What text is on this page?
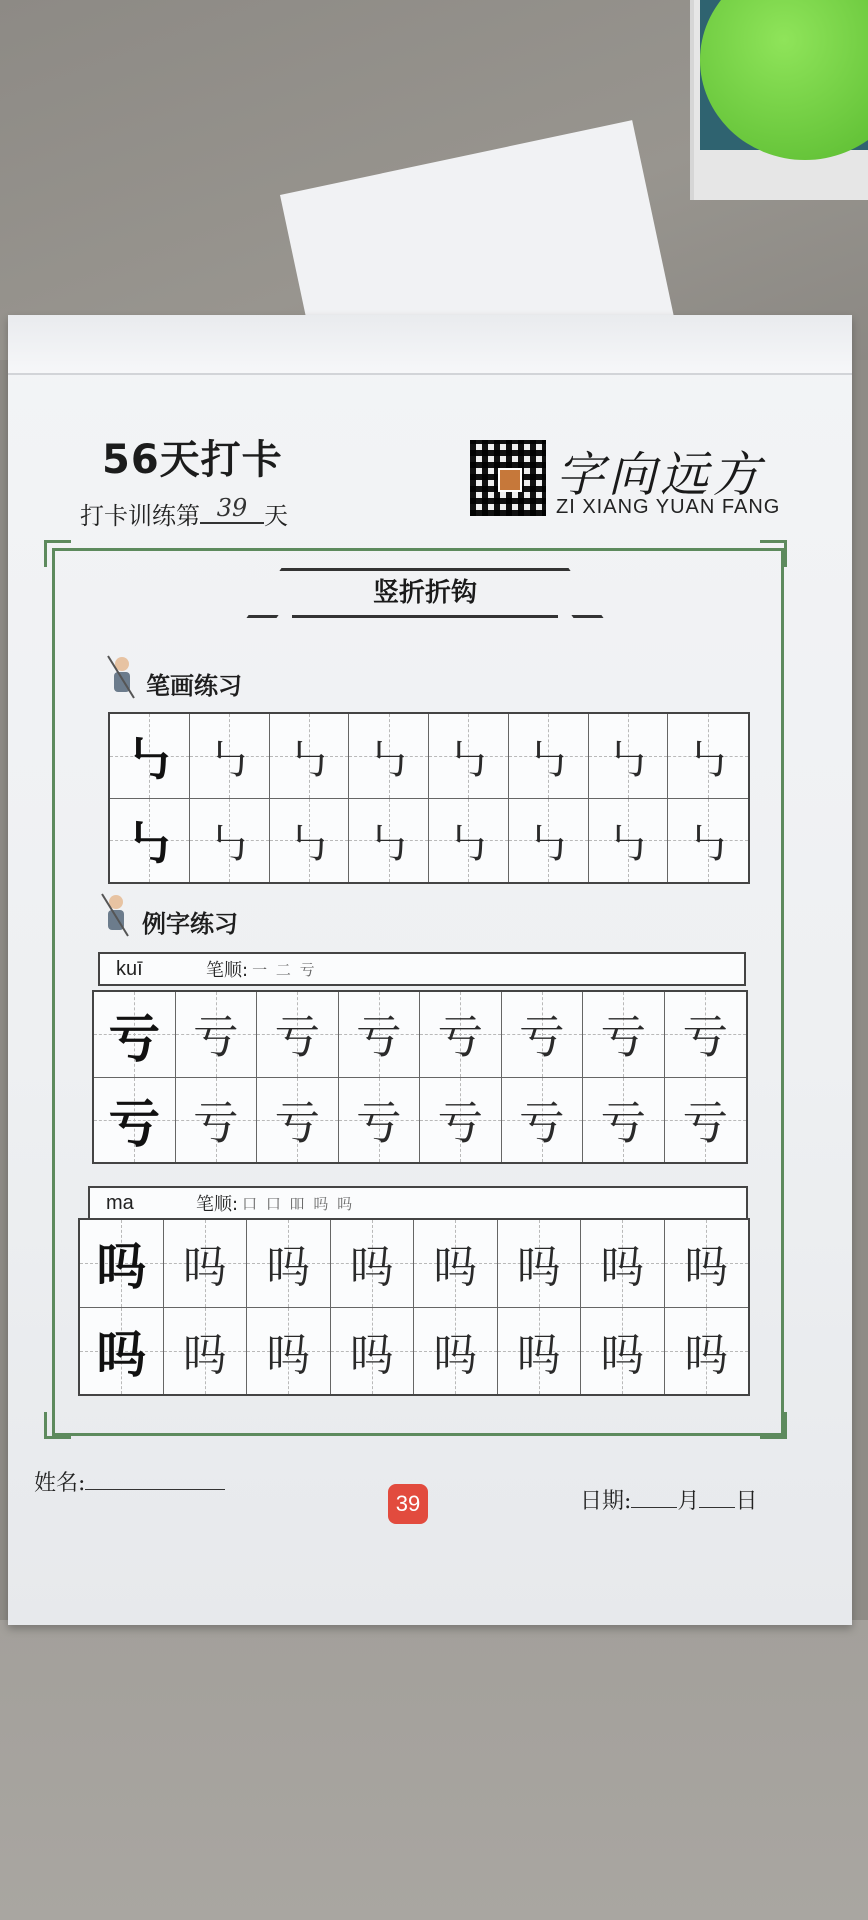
56天打卡
打卡训练第 39 天
字向远方
ZI XIANG YUAN FANG
竖折折钩
笔画练习
㇉ ㇉ ㇉ ㇉ ㇉ ㇉ ㇉ ㇉
㇉ ㇉ ㇉ ㇉ ㇉ ㇉ ㇉ ㇉
例字练习
kuī	笔顺: 一 二 亏
亏 亏 亏 亏 亏 亏 亏 亏
亏 亏 亏 亏 亏 亏 亏 亏
ma	笔顺: 口 口 吅 吗 吗
吗 吗 吗 吗 吗 吗 吗 吗
吗 吗 吗 吗 吗 吗 吗 吗
姓名:
39	日期: 月 日
